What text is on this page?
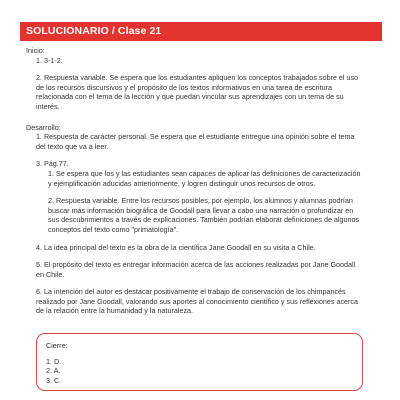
SOLUCIONARIO / Clase 21

Inicio:

1. 3-1-2.

2. Respuesta variable. Se espera que los estudiantes apliquen los conceptos trabajados sobre el uso de los recursos discursivos y el propósito de los textos informativos en una tarea de escritura relacionada con el tema de la lección y que puedan vincular sus aprendizajes con un tema de su interés.

Desarrollo:

1. Respuesta de carácter personal. Se espera que el estudiante entregue una opinión sobre el tema del texto que va a leer.

3. Pág.77.

1. Se espera que los y las estudiantes sean capaces de aplicar las definiciones de caracterización y ejemplificación aducidas anteriormente, y logren distinguir unos recursos de otros.

2. Respuesta variable. Entre los recursos posibles, por ejemplo, los alumnos y alumnas podrían buscar más información biográfica de Goodall para llevar a cabo una narración o profundizar en sus descubrimientos a través de explicaciones. También podrían elaborar definiciones de algunos conceptos del texto como "primatología".

4. La idea principal del texto es la obra de la científica Jane Goodall en su visita a Chile.

5. El propósito del texto es entregar información acerca de las acciones realizadas por Jane Goodall en Chile.

6. La intención del autor es destacar positivamente el trabajo de conservación de los chimpancés realizado por Jane Goodall, valorando sus aportes al conocimiento científico y sus reflexiones acerca de la relación entre la humanidad y la naturaleza.

Cierre:

1. D.

2. A.

3. C.
